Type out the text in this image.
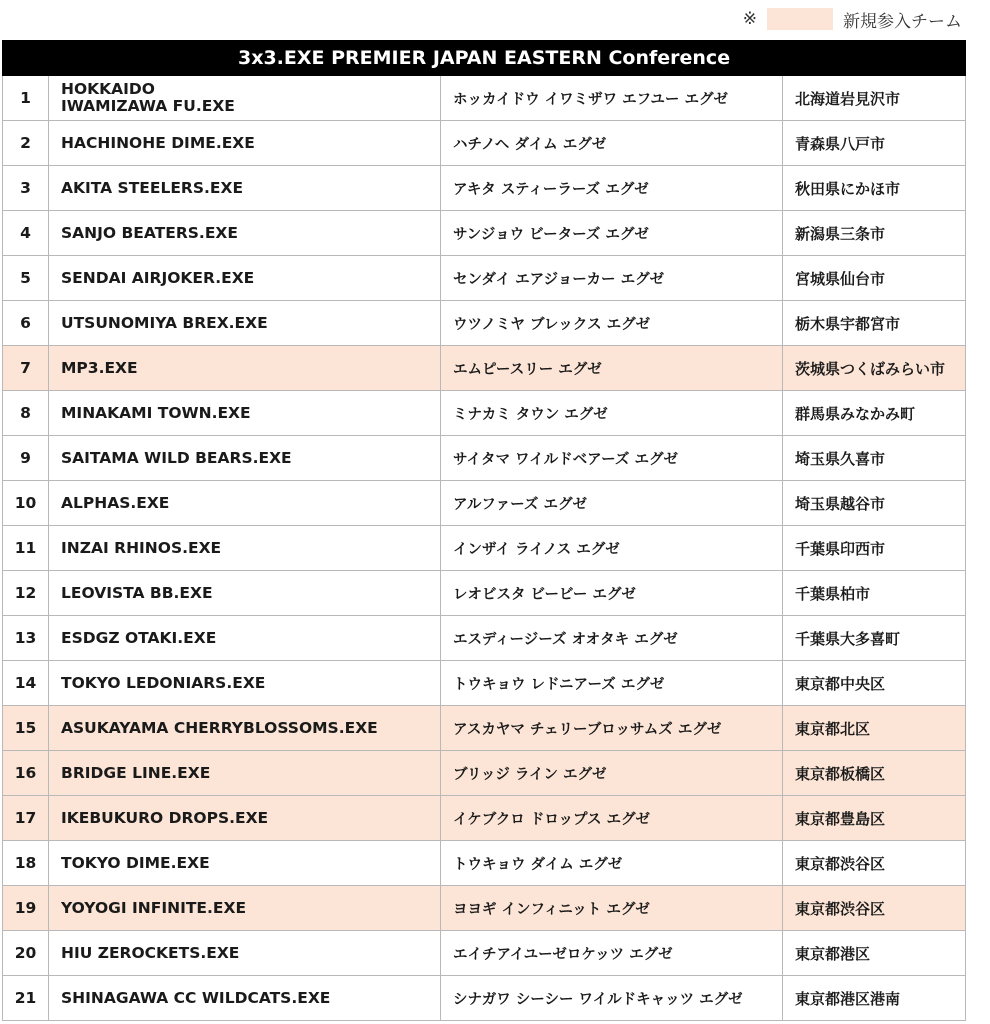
※	新規参入チーム
3x3.EXE PREMIER JAPAN EASTERN Conference			
1	HOKKAIDO
IWAMIZAWA FU.EXE	ホッカイドウ イワミザワ エフユー エグゼ	北海道岩見沢市
2	HACHINOHE DIME.EXE	ハチノヘ ダイム エグゼ	青森県八戸市
3	AKITA STEELERS.EXE	アキタ スティーラーズ エグゼ	秋田県にかほ市
4	SANJO BEATERS.EXE	サンジョウ ビーターズ エグゼ	新潟県三条市
5	SENDAI AIRJOKER.EXE	センダイ エアジョーカー エグゼ	宮城県仙台市
6	UTSUNOMIYA BREX.EXE	ウツノミヤ ブレックス エグゼ	栃木県宇都宮市
7	MP3.EXE	エムピースリー エグゼ	茨城県つくばみらい市
8	MINAKAMI TOWN.EXE	ミナカミ タウン エグゼ	群馬県みなかみ町
9	SAITAMA WILD BEARS.EXE	サイタマ ワイルドベアーズ エグゼ	埼玉県久喜市
10	ALPHAS.EXE	アルファーズ エグゼ	埼玉県越谷市
11	INZAI RHINOS.EXE	インザイ ライノス エグゼ	千葉県印西市
12	LEOVISTA BB.EXE	レオビスタ ビービー エグゼ	千葉県柏市
13	ESDGZ OTAKI.EXE	エスディージーズ オオタキ エグゼ	千葉県大多喜町
14	TOKYO LEDONIARS.EXE	トウキョウ レドニアーズ エグゼ	東京都中央区
15	ASUKAYAMA CHERRYBLOSSOMS.EXE	アスカヤマ チェリーブロッサムズ エグゼ	東京都北区
16	BRIDGE LINE.EXE	ブリッジ ライン エグゼ	東京都板橋区
17	IKEBUKURO DROPS.EXE	イケブクロ ドロップス エグゼ	東京都豊島区
18	TOKYO DIME.EXE	トウキョウ ダイム エグゼ	東京都渋谷区
19	YOYOGI INFINITE.EXE	ヨヨギ インフィニット エグゼ	東京都渋谷区
20	HIU ZEROCKETS.EXE	エイチアイユーゼロケッツ エグゼ	東京都港区
21	SHINAGAWA CC WILDCATS.EXE	シナガワ シーシー ワイルドキャッツ エグゼ	東京都港区港南
